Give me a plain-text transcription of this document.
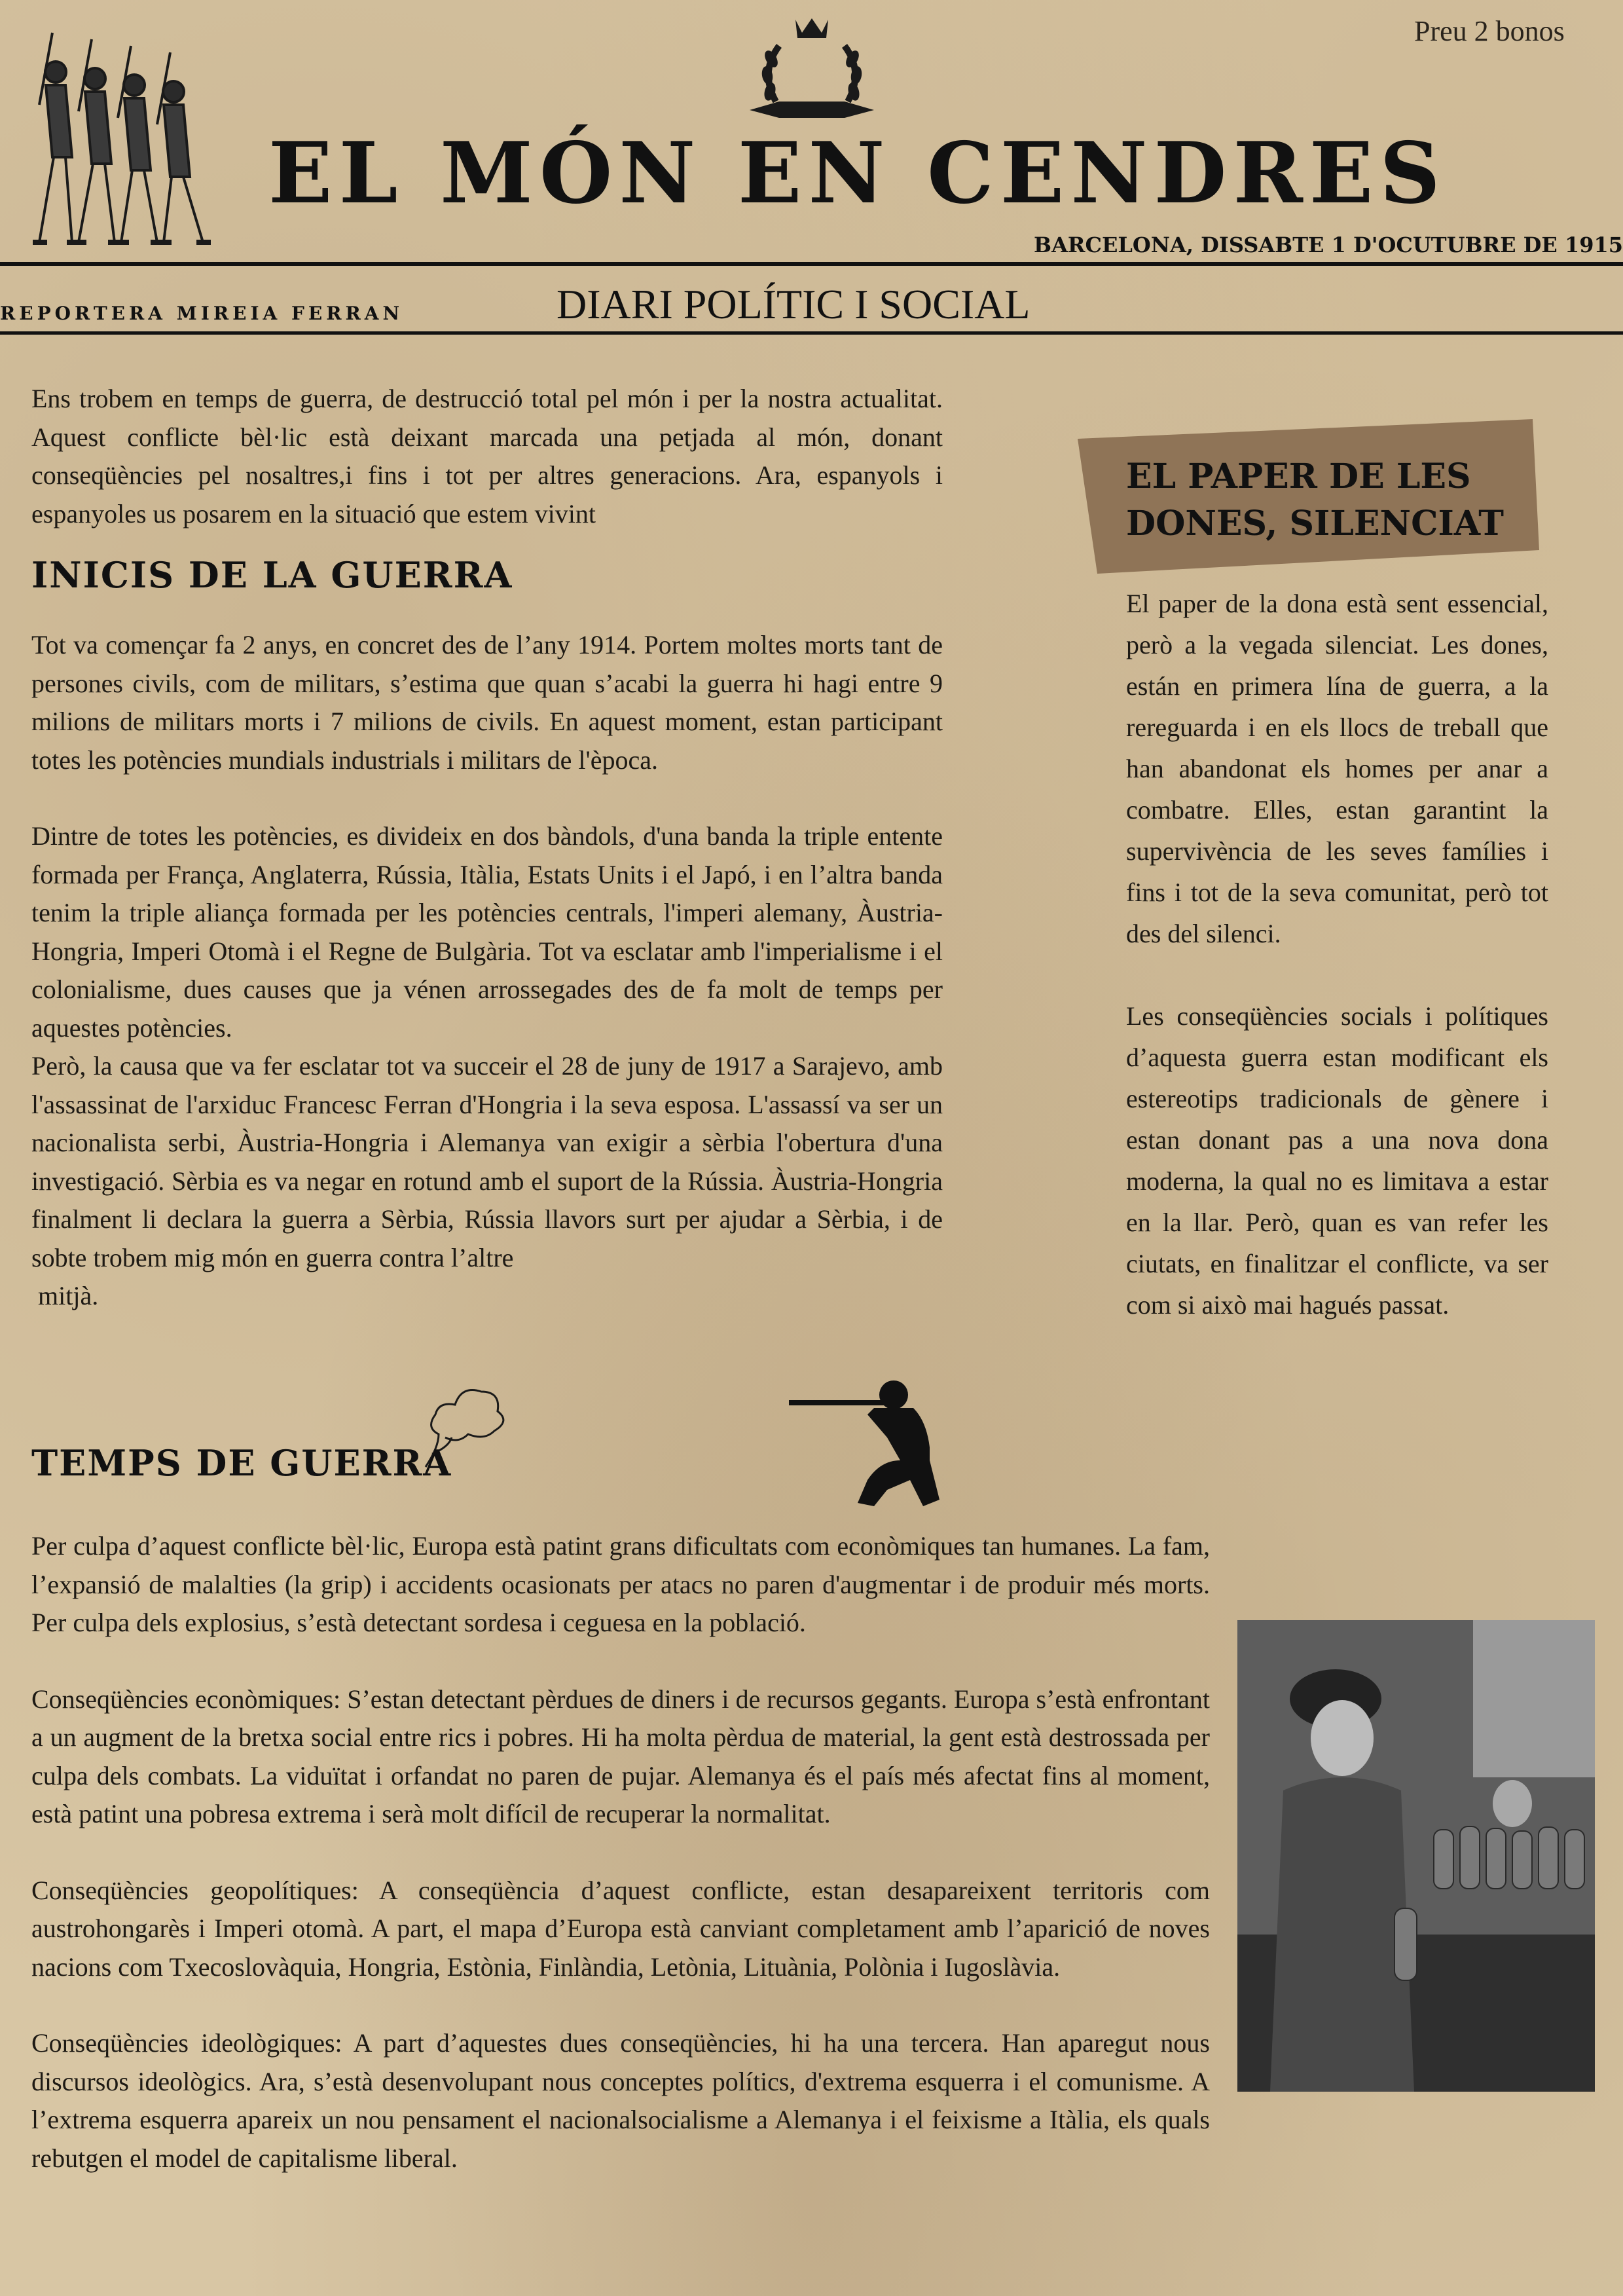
Preu 2 bonos
EL MÓN EN CENDRES
BARCELONA, DISSABTE 1 D'OCUTUBRE DE 1915
REPORTERA MIREIA FERRAN	DIARI POLÍTIC I SOCIAL

Ens trobem en temps de guerra, de destrucció total pel món i per la nostra actualitat. Aquest conflicte bèl·lic està deixant marcada una petjada al món, donant conseqüències pel nosaltres,i fins i tot per altres generacions. Ara, espanyols i espanyoles us posarem en la situació que estem vivint

INICIS DE LA GUERRA

Tot va començar fa 2 anys, en concret des de l’any 1914. Portem moltes morts tant de persones civils, com de militars, s’estima que quan s’acabi la guerra hi hagi entre 9 milions de militars morts i 7 milions de civils. En aquest moment, estan participant totes les potències mundials industrials i militars de l'època.

Dintre de totes les potències, es divideix en dos bàndols, d'una banda la triple entente formada per França, Anglaterra, Rússia, Itàlia, Estats Units i el Japó, i en l’altra banda tenim la triple aliança formada per les potències centrals, l'imperi alemany, Àustria-Hongria, Imperi Otomà i el Regne de Bulgària. Tot va esclatar amb l'imperialisme i el colonialisme, dues causes que ja vénen arrossegades des de fa molt de temps per aquestes potències.

Però, la causa que va fer esclatar tot va succeir el 28 de juny de 1917 a Sarajevo, amb l'assassinat de l'arxiduc Francesc Ferran d'Hongria i la seva esposa. L'assassí va ser un nacionalista serbi, Àustria-Hongria i Alemanya van exigir a sèrbia l'obertura d'una investigació. Sèrbia es va negar en rotund amb el suport de la Rússia. Àustria-Hongria finalment li declara la guerra a Sèrbia, Rússia llavors surt per ajudar a Sèrbia, i de sobte trobem mig món en guerra contra l’altre

mitjà.

TEMPS DE GUERRA

Per culpa d’aquest conflicte bèl·lic, Europa està patint grans dificultats com econòmiques tan humanes. La fam, l’expansió de malalties (la grip) i accidents ocasionats per atacs no paren d'augmentar i de produir més morts. Per culpa dels explosius, s’està detectant sordesa i ceguesa en la població.

Conseqüències econòmiques: S’estan detectant pèrdues de diners i de recursos gegants. Europa s’està enfrontant a un augment de la bretxa social entre rics i pobres. Hi ha molta pèrdua de material, la gent està destrossada per culpa dels combats. La viduïtat i orfandat no paren de pujar. Alemanya és el país més afectat fins al moment, està patint una pobresa extrema i serà molt difícil de recuperar la normalitat.

Conseqüències geopolítiques: A conseqüència d’aquest conflicte, estan desapareixent territoris com austrohongarès i Imperi otomà. A part, el mapa d’Europa està canviant completament amb l’aparició de noves nacions com Txecoslovàquia, Hongria, Estònia, Finlàndia, Letònia, Lituània, Polònia i Iugoslàvia.

Conseqüències ideològiques: A part d’aquestes dues conseqüències, hi ha una tercera. Han aparegut nous discursos ideològics. Ara, s’està desenvolupant nous conceptes polítics, d'extrema esquerra i el comunisme. A l’extrema esquerra apareix un nou pensament el nacionalsocialisme a Alemanya i el feixisme a Itàlia, els quals rebutgen el model de capitalisme liberal.

EL PAPER DE LES
DONES, SILENCIAT

El paper de la dona està sent essencial, però a la vegada silenciat. Les dones, están en primera lína de guerra, a la rereguarda i en els llocs de treball que han abandonat els homes per anar a combatre. Elles, estan garantint la supervivència de les seves famílies i fins i tot de la seva comunitat, però tot des del silenci.

Les conseqüències socials i polítiques d’aquesta guerra estan modificant els estereotips tradicionals de gènere i estan donant pas a una nova dona moderna, la qual no es limitava a estar en la llar. Però, quan es van refer les ciutats, en finalitzar el conflicte, va ser com si això mai hagués passat.
